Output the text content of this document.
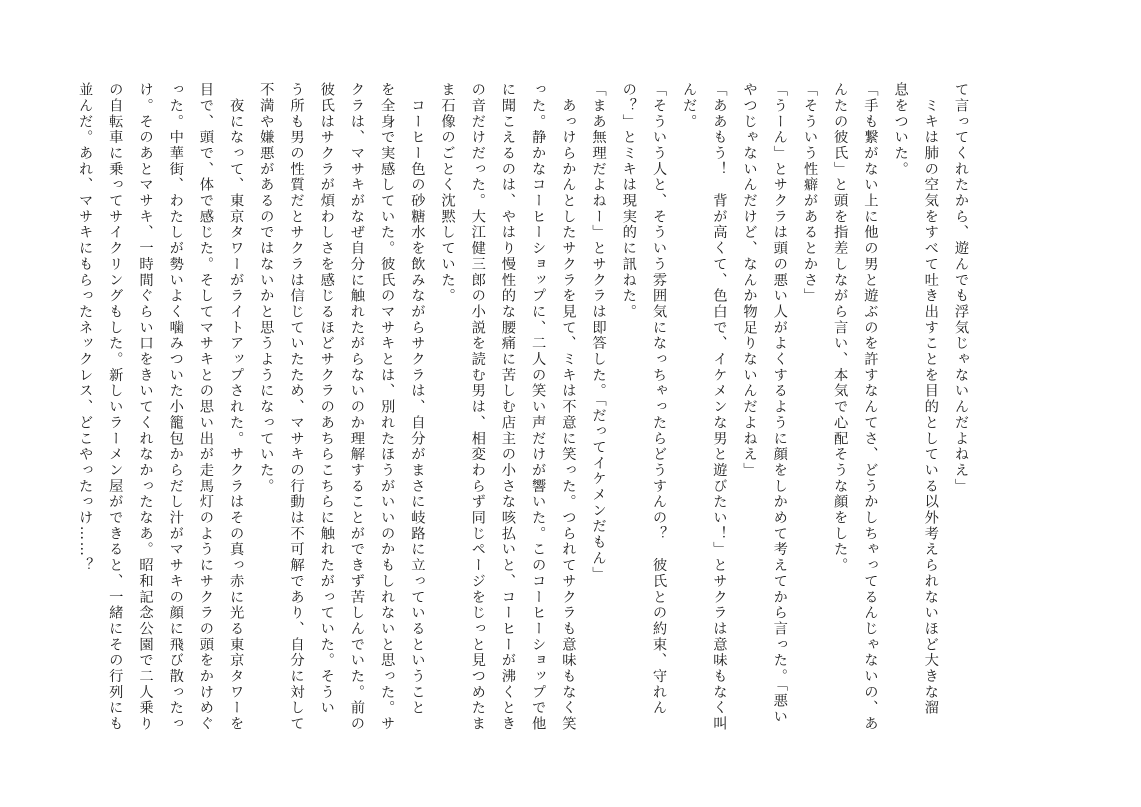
て言ってくれたから、遊んでも浮気じゃないんだよねえ」
　ミキは肺の空気をすべて吐き出すことを目的としている以外考えられないほど大きな溜
息をついた。
「手も繋がない上に他の男と遊ぶのを許すなんてさ、どうかしちゃってるんじゃないの、あ
んたの彼氏」と頭を指差しながら言い、本気で心配そうな顔をした。
「そういう性癖があるとかさ」
「うーん」とサクラは頭の悪い人がよくするように顔をしかめて考えてから言った。「悪い
やつじゃないんだけど、なんか物足りないんだよねえ」
「ああもう！　背が高くて、色白で、イケメンな男と遊びたい！」とサクラは意味もなく叫
んだ。
「そういう人と、そういう雰囲気になっちゃったらどうすんの？　彼氏との約束、守れん
の？」とミキは現実的に訊ねた。
「まあ無理だよねー」とサクラは即答した。「だってイケメンだもん」
　あっけらかんとしたサクラを見て、ミキは不意に笑った。つられてサクラも意味もなく笑
った。静かなコーヒーショップに、二人の笑い声だけが響いた。このコーヒーショップで他
に聞こえるのは、やはり慢性的な腰痛に苦しむ店主の小さな咳払いと、コーヒーが沸くとき
の音だけだった。大江健三郎の小説を読む男は、相変わらず同じページをじっと見つめたま
ま石像のごとく沈黙していた。
　コーヒー色の砂糖水を飲みながらサクラは、自分がまさに岐路に立っているということ
を全身で実感していた。彼氏のマサキとは、別れたほうがいいのかもしれないと思った。サ
クラは、マサキがなぜ自分に触れたがらないのか理解することができず苦しんでいた。前の
彼氏はサクラが煩わしさを感じるほどサクラのあちらこちらに触れたがっていた。そうい
う所も男の性質だとサクラは信じていたため、マサキの行動は不可解であり、自分に対して
不満や嫌悪があるのではないかと思うようになっていた。
　夜になって、東京タワーがライトアップされた。サクラはその真っ赤に光る東京タワーを
目で、頭で、体で感じた。そしてマサキとの思い出が走馬灯のようにサクラの頭をかけめぐ
った。中華街、わたしが勢いよく噛みついた小籠包からだし汁がマサキの顔に飛び散ったっ
け。そのあとマサキ、一時間ぐらい口をきいてくれなかったなあ。昭和記念公園で二人乗り
の自転車に乗ってサイクリングもした。新しいラーメン屋ができると、一緒にその行列にも
並んだ。あれ、マサキにもらったネックレス、どこやったっけ……？
